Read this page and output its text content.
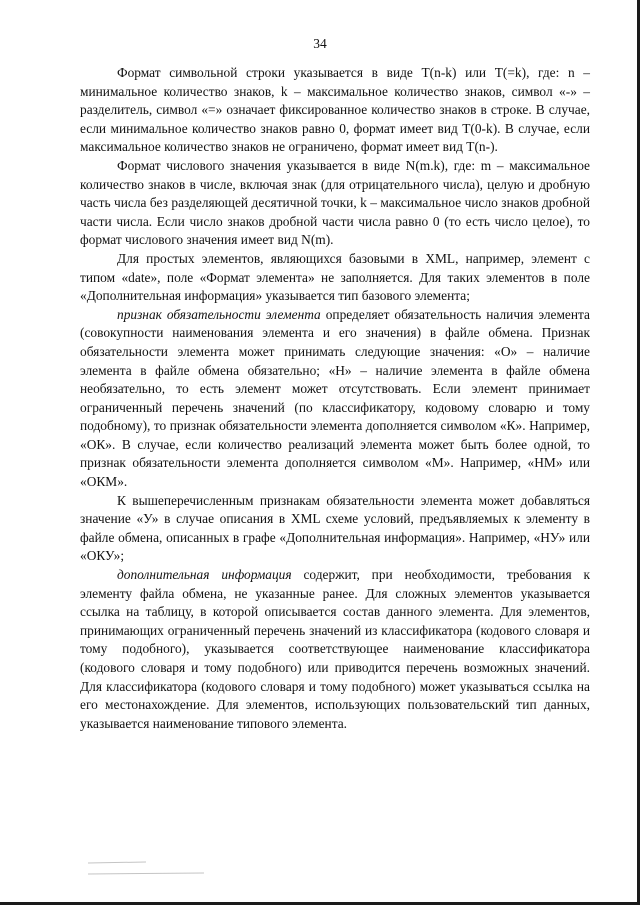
34

Формат символьной строки указывается в виде T(n-k) или T(=k), где: n – минимальное количество знаков, k – максимальное количество знаков, символ «-» – разделитель, символ «=» означает фиксированное количество знаков в строке. В случае, если минимальное количество знаков равно 0, формат имеет вид T(0-k). В случае, если максимальное количество знаков не ограничено, формат имеет вид T(n-).

Формат числового значения указывается в виде N(m.k), где: m – максимальное количество знаков в числе, включая знак (для отрицательного числа), целую и дробную часть числа без разделяющей десятичной точки, k – максимальное число знаков дробной части числа. Если число знаков дробной части числа равно 0 (то есть число целое), то формат числового значения имеет вид N(m).

Для простых элементов, являющихся базовыми в XML, например, элемент с типом «date», поле «Формат элемента» не заполняется. Для таких элементов в поле «Дополнительная информация» указывается тип базового элемента;

признак обязательности элемента определяет обязательность наличия элемента (совокупности наименования элемента и его значения) в файле обмена. Признак обязательности элемента может принимать следующие значения: «О» – наличие элемента в файле обмена обязательно; «Н» – наличие элемента в файле обмена необязательно, то есть элемент может отсутствовать. Если элемент принимает ограниченный перечень значений (по классификатору, кодовому словарю и тому подобному), то признак обязательности элемента дополняется символом «К». Например, «ОК». В случае, если количество реализаций элемента может быть более одной, то признак обязательности элемента дополняется символом «М». Например, «НМ» или «ОКМ».

К вышеперечисленным признакам обязательности элемента может добавляться значение «У» в случае описания в XML схеме условий, предъявляемых к элементу в файле обмена, описанных в графе «Дополнительная информация». Например, «НУ» или «ОКУ»;

дополнительная информация содержит, при необходимости, требования к элементу файла обмена, не указанные ранее. Для сложных элементов указывается ссылка на таблицу, в которой описывается состав данного элемента. Для элементов, принимающих ограниченный перечень значений из классификатора (кодового словаря и тому подобного), указывается соответствующее наименование классификатора (кодового словаря и тому подобного) или приводится перечень возможных значений. Для классификатора (кодового словаря и тому подобного) может указываться ссылка на его местонахождение. Для элементов, использующих пользовательский тип данных, указывается наименование типового элемента.
